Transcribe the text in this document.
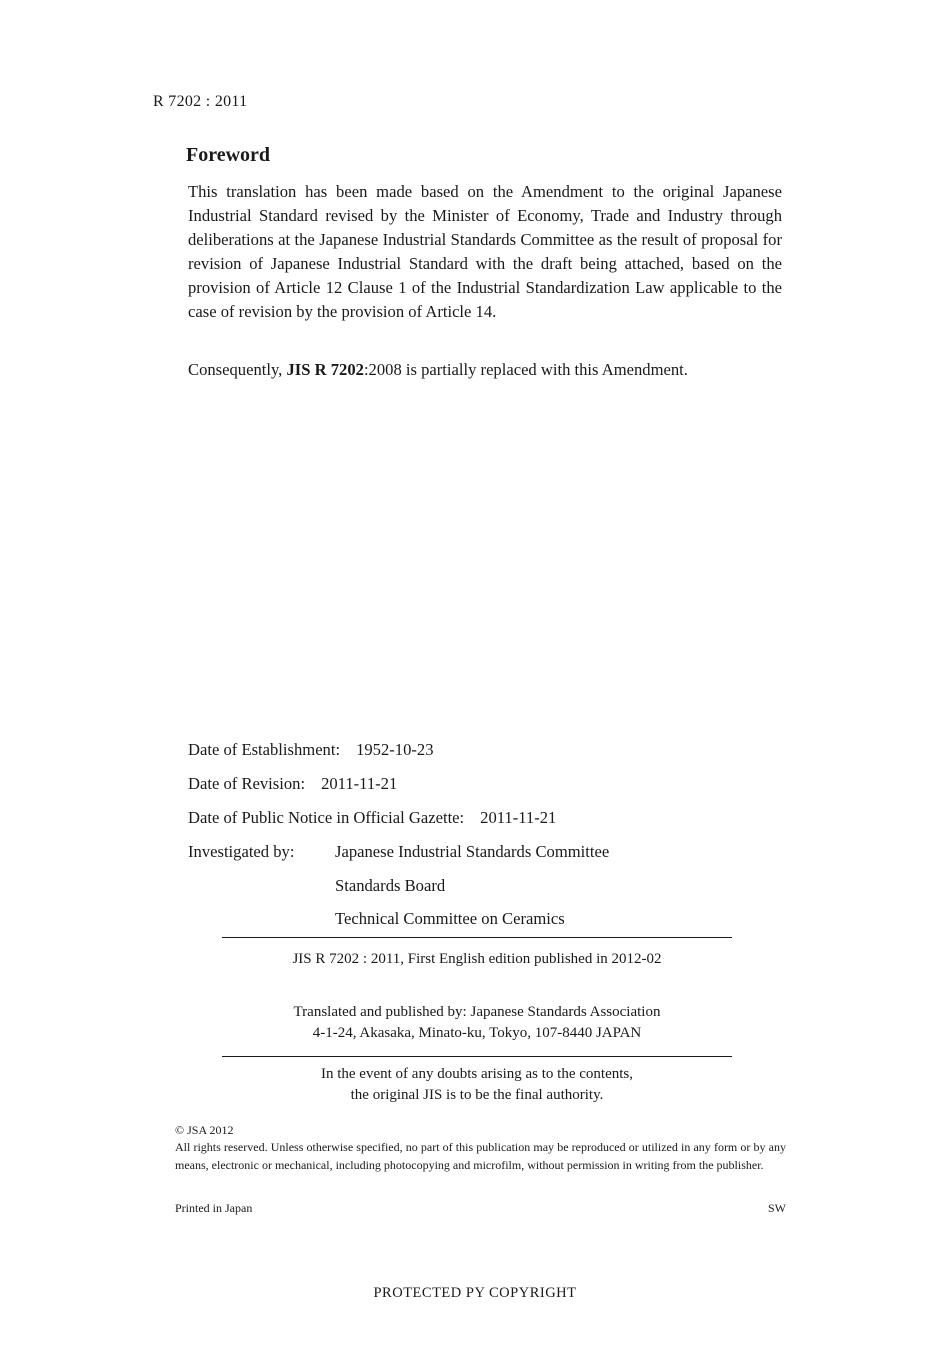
R 7202 : 2011
Foreword

This translation has been made based on the Amendment to the original Japanese Industrial Standard revised by the Minister of Economy, Trade and Industry through deliberations at the Japanese Industrial Standards Committee as the result of proposal for revision of Japanese Industrial Standard with the draft being attached, based on the provision of Article 12 Clause 1 of the Industrial Standardization Law applicable to the case of revision by the provision of Article 14.

Consequently, JIS R 7202:2008 is partially replaced with this Amendment.

Date of Establishment: 1952-10-23
Date of Revision: 2011-11-21
Date of Public Notice in Official Gazette: 2011-11-21
Investigated by: Japanese Industrial Standards Committee
Standards Board
Technical Committee on Ceramics
JIS R 7202 : 2011, First English edition published in 2012-02
Translated and published by: Japanese Standards Association
4-1-24, Akasaka, Minato-ku, Tokyo, 107-8440 JAPAN
In the event of any doubts arising as to the contents,
the original JIS is to be the final authority.
© JSA 2012
All rights reserved. Unless otherwise specified, no part of this publication may be reproduced or utilized in any form or by any means, electronic or mechanical, including photocopying and microfilm, without permission in writing from the publisher.
Printed in Japan	SW
PROTECTED PY COPYRIGHT
